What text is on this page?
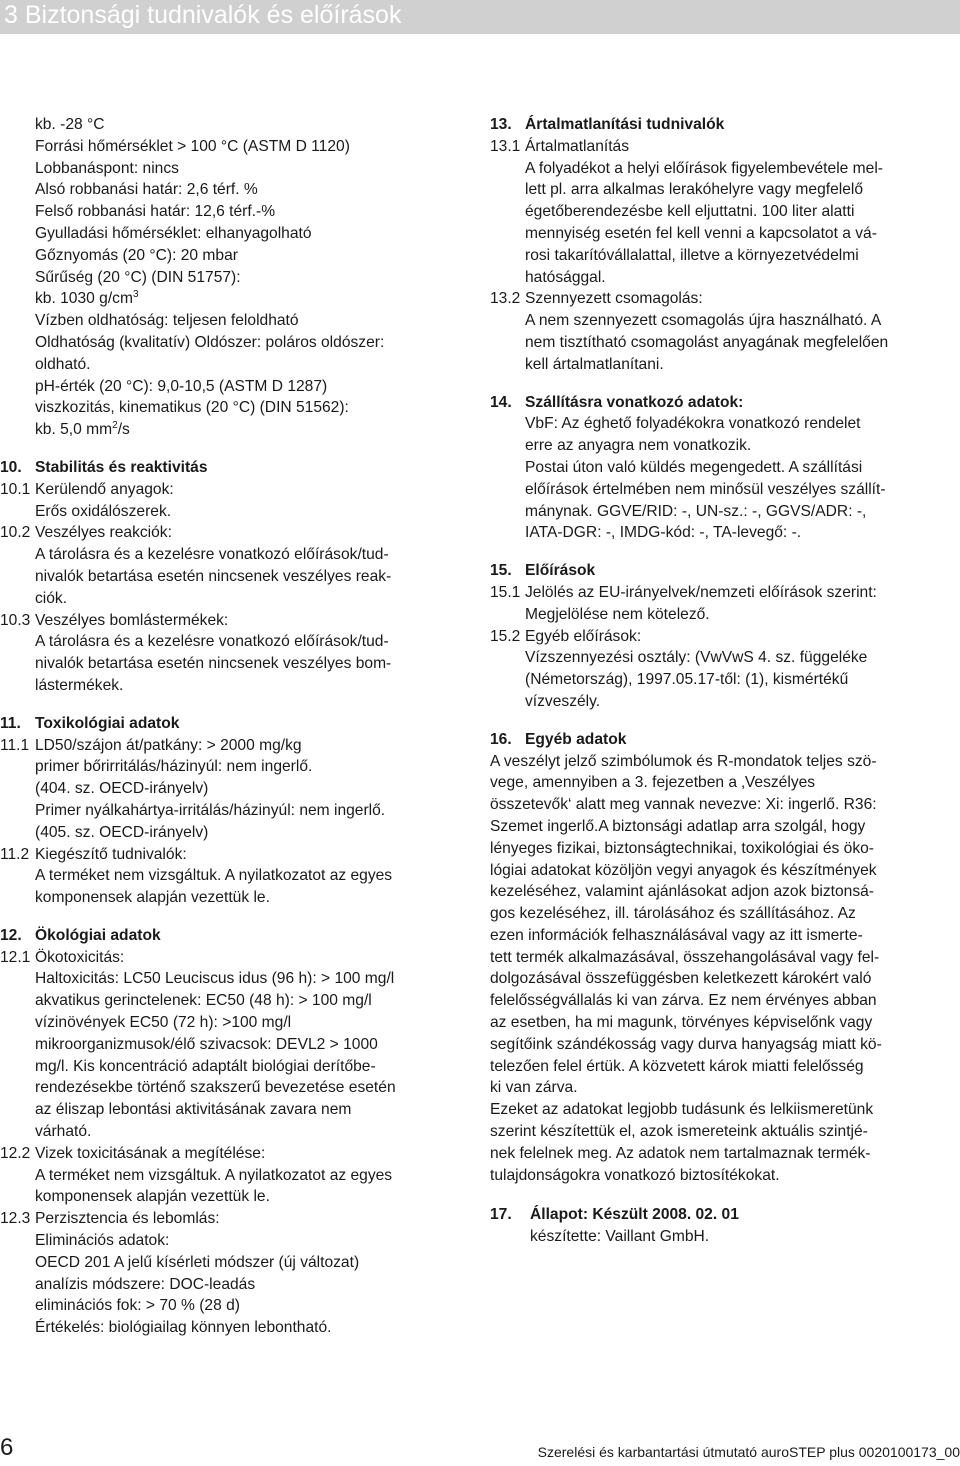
3 Biztonsági tudnivalók és előírások
kb. -28 °C
Forrási hőmérséklet > 100 °C (ASTM D 1120)
Lobbanáspont: nincs
Alsó robbanási határ: 2,6 térf. %
Felső robbanási határ: 12,6 térf.-%
Gyulladási hőmérséklet: elhanyagolható
Gőznyomás (20 °C): 20 mbar
Sűrűség (20 °C) (DIN 51757):
kb. 1030 $g/cm^3$
Vízben oldhatóság: teljesen feloldható
Oldhatóság (kvalitatív) Oldószer: poláros oldószer:
oldható.
pH-érték (20 °C): 9,0-10,5 (ASTM D 1287)
viszkozitás, kinematikus (20 °C) (DIN 51562):
kb. 5,0 $mm^2/s$
10. Stabilitás és reaktivitás
10.1 Kerülendő anyagok:
Erős oxidálószerek.
10.2 Veszélyes reakciók:
A tárolásra és a kezelésre vonatkozó előírások/tud-
nivalók betartása esetén nincsenek veszélyes reak-
ciók.
10.3 Veszélyes bomlástermékek:
A tárolásra és a kezelésre vonatkozó előírások/tud-
nivalók betartása esetén nincsenek veszélyes bom-
lástermékek.
11. Toxikológiai adatok
11.1 LD50/szájon át/patkány: > 2000 mg/kg
primer bőrirritálás/házinyúl: nem ingerlő.
(404. sz. OECD-irányelv)
Primer nyálkahártya-irritálás/házinyúl: nem ingerlő.
(405. sz. OECD-irányelv)
11.2 Kiegészítő tudnivalók:
A terméket nem vizsgáltuk. A nyilatkozatot az egyes
komponensek alapján vezettük le.
12. Ökológiai adatok
12.1 Ökotoxicitás:
Haltoxicitás: LC50 Leuciscus idus (96 h): > 100 mg/l
akvatikus gerinctelenek: EC50 (48 h): > 100 mg/l
vízinövények EC50 (72 h): >100 mg/l
mikroorganizmusok/élő szivacsok: DEVL2 > 1000
mg/l. Kis koncentráció adaptált biológiai derítőbe-
rendezésekbe történő szakszerű bevezetése esetén
az éliszap lebontási aktivitásának zavara nem
várható.
12.2 Vizek toxicitásának a megítélése:
A terméket nem vizsgáltuk. A nyilatkozatot az egyes
komponensek alapján vezettük le.
12.3 Perzisztencia és lebomlás:
Eliminációs adatok:
OECD 201 A jelű kísérleti módszer (új változat)
analízis módszere: DOC-leadás
eliminációs fok: > 70 % (28 d)
Értékelés: biológiailag könnyen lebontható.
13. Ártalmatlanítási tudnivalók
13.1 Ártalmatlanítás
A folyadékot a helyi előírások figyelembevétele mel-
lett pl. arra alkalmas lerakóhelyre vagy megfelelő
égetőberendezésbe kell eljuttatni. 100 liter alatti
mennyiség esetén fel kell venni a kapcsolatot a vá-
rosi takarítóvállalattal, illetve a környezetvédelmi
hatósággal.
13.2 Szennyezett csomagolás:
A nem szennyezett csomagolás újra használható. A
nem tisztítható csomagolást anyagának megfelelően
kell ártalmatlanítani.
14. Szállításra vonatkozó adatok:
VbF: Az éghető folyadékokra vonatkozó rendelet
erre az anyagra nem vonatkozik.
Postai úton való küldés megengedett. A szállítási
előírások értelmében nem minősül veszélyes szállít-
mánynak. GGVE/RID: -, UN-sz.: -, GGVS/ADR: -,
IATA-DGR: -, IMDG-kód: -, TA-levegő: -.
15. Előírások
15.1 Jelölés az EU-irányelvek/nemzeti előírások szerint:
Megjelölése nem kötelező.
15.2 Egyéb előírások:
Vízszennyezési osztály: (VwVwS 4. sz. függeléke
(Németország), 1997.05.17-től: (1), kismértékű
vízveszély.
16. Egyéb adatok
A veszélyt jelző szimbólumok és R-mondatok teljes szö-
vege, amennyiben a 3. fejezetben a ‚Veszélyes
összetevők‘ alatt meg vannak nevezve: Xi: ingerlő. R36:
Szemet ingerlő.A biztonsági adatlap arra szolgál, hogy
lényeges fizikai, biztonságtechnikai, toxikológiai és öko-
lógiai adatokat közöljön vegyi anyagok és készítmények
kezeléséhez, valamint ajánlásokat adjon azok biztonsá-
gos kezeléséhez, ill. tárolásához és szállításához. Az
ezen információk felhasználásával vagy az itt ismerte-
tett termék alkalmazásával, összehangolásával vagy fel-
dolgozásával összefüggésben keletkezett károkért való
felelősségvállalás ki van zárva. Ez nem érvényes abban
az esetben, ha mi magunk, törvényes képviselőnk vagy
segítőink szándékosság vagy durva hanyagság miatt kö-
telezően felel értük. A közvetett károk miatti felelősség
ki van zárva.
Ezeket az adatokat legjobb tudásunk és lelkiismeretünk
szerint készítettük el, azok ismereteink aktuális szintjé-
nek felelnek meg. Az adatok nem tartalmaznak termék-
tulajdonságokra vonatkozó biztosítékokat.
17. Állapot: Készült 2008. 02. 01
készítette: Vaillant GmbH.
6	Szerelési és karbantartási útmutató auroSTEP plus 0020100173_00
